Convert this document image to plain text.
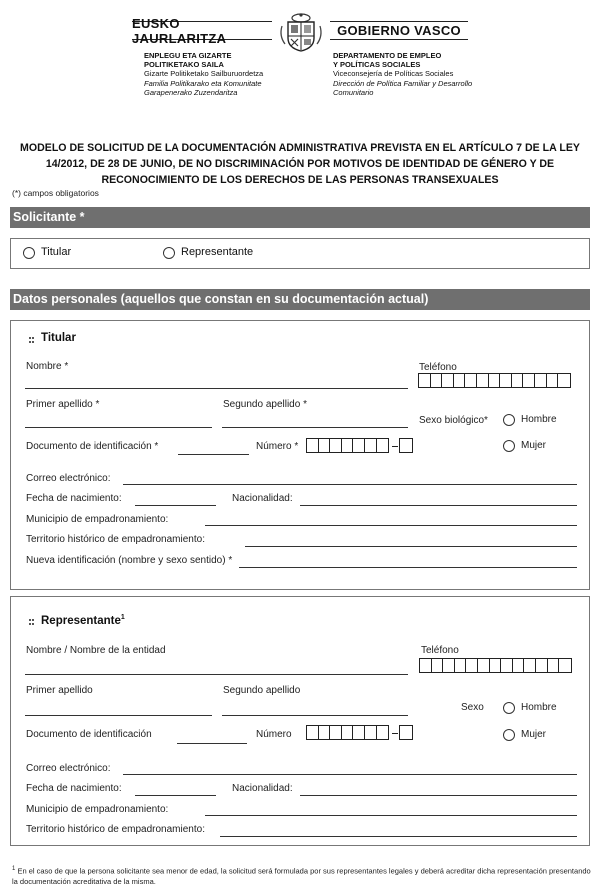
EUSKO JAURLARITZA	GOBIERNO VASCO
ENPLEGU ETA GIZARTE
POLITIKETAKO SAILA
Gizarte Politiketako Sailburuordetza
Familia Politikarako eta Komunitate
Garapenerako Zuzendaritza
DEPARTAMENTO DE EMPLEO
Y POLÍTICAS SOCIALES
Viceconsejería de Políticas Sociales
Dirección de Política Familiar y Desarrollo
Comunitario
MODELO DE SOLICITUD DE LA DOCUMENTACIÓN ADMINISTRATIVA PREVISTA EN EL ARTÍCULO 7 DE LA LEY
14/2012, DE 28 DE JUNIO, DE NO DISCRIMINACIÓN POR MOTIVOS DE IDENTIDAD DE GÉNERO Y DE
RECONOCIMIENTO DE LOS DERECHOS DE LAS PERSONAS TRANSEXUALES
(*) campos obligatorios
Solicitante *
Titular	Representante
Datos personales (aquellos que constan en su documentación actual)
Titular
Nombre *	Teléfono
Primer apellido *	Segundo apellido *
Sexo biológico*	Hombre
Mujer
Documento de identificación *	Número *
Correo electrónico:
Fecha de nacimiento:	Nacionalidad:
Municipio de empadronamiento:
Territorio histórico de empadronamiento:
Nueva identificación (nombre y sexo sentido) *
Representante$^1$
Nombre / Nombre de la entidad	Teléfono
Primer apellido	Segundo apellido
Sexo	Hombre
Mujer
Documento de identificación	Número
Correo electrónico:
Fecha de nacimiento:	Nacionalidad:
Municipio de empadronamiento:
Territorio histórico de empadronamiento:
$^1$ En el caso de que la persona solicitante sea menor de edad, la solicitud será formulada por sus representantes legales y deberá acreditar dicha representación presentando la documentación acreditativa de la misma.
